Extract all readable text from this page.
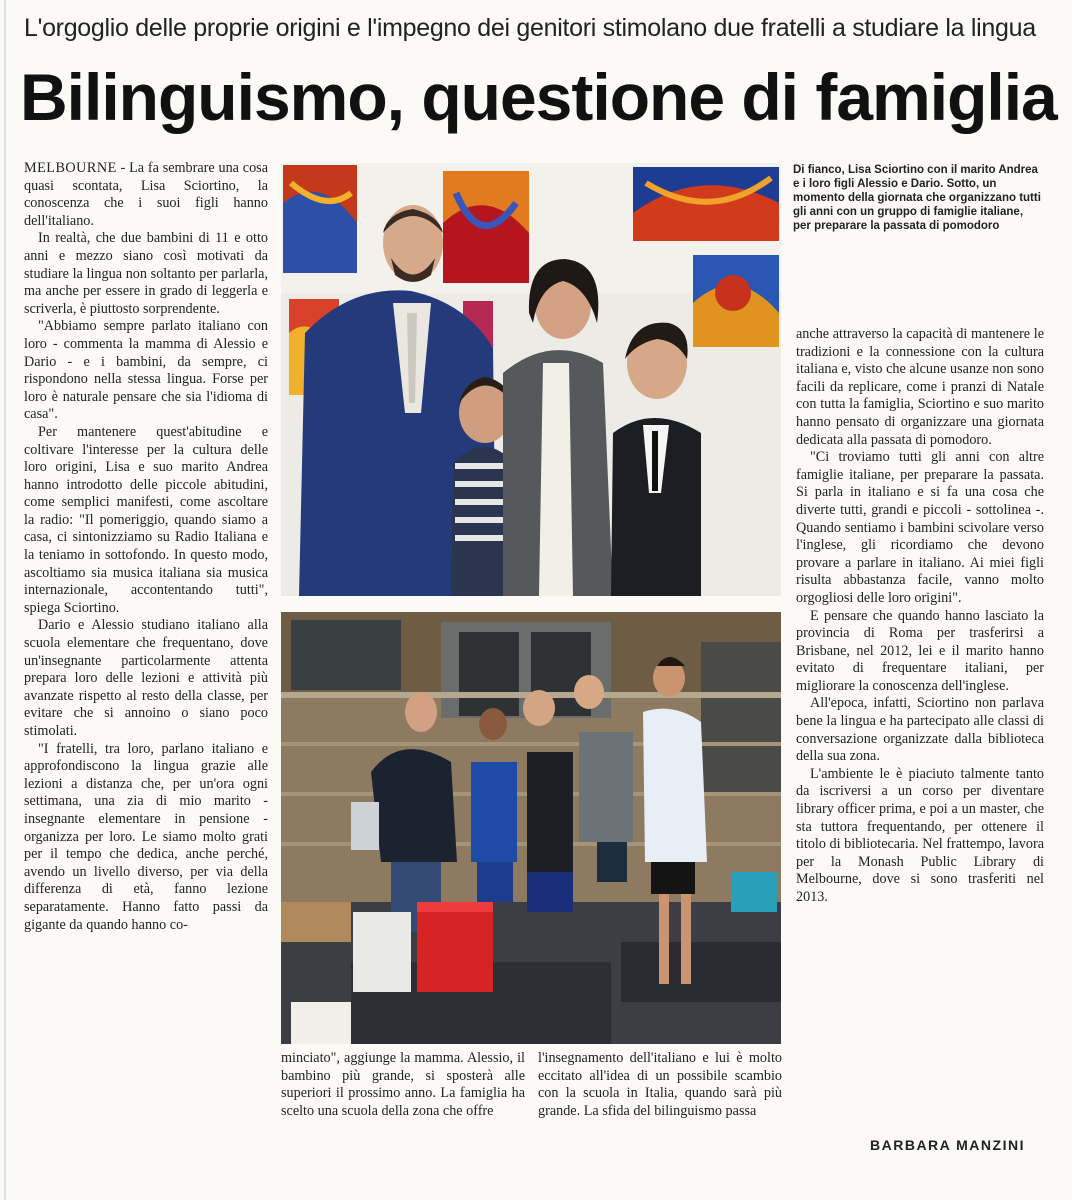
L'orgoglio delle proprie origini e l'impegno dei genitori stimolano due fratelli a studiare la lingua
Bilinguismo, questione di famiglia

MELBOURNE - La fa sembrare una cosa quasi scontata, Lisa Sciortino, la conoscenza che i suoi figli hanno dell'italiano.

In realtà, che due bambini di 11 e otto anni e mezzo siano così motivati da studiare la lingua non soltanto per parlarla, ma anche per essere in grado di leggerla e scriverla, è piuttosto sorprendente.

"Abbiamo sempre parlato italiano con loro - commenta la mamma di Alessio e Dario - e i bambini, da sempre, ci rispondono nella stessa lingua. Forse per loro è naturale pensare che sia l'idioma di casa".

Per mantenere quest'abitudine e coltivare l'interesse per la cultura delle loro origini, Lisa e suo marito Andrea hanno introdotto delle piccole abitudini, come semplici manifesti, come ascoltare la radio: "Il pomeriggio, quando siamo a casa, ci sintonizziamo su Radio Italiana e la teniamo in sottofondo. In questo modo, ascoltiamo sia musica italiana sia musica internazionale, accontentando tutti", spiega Sciortino.

Dario e Alessio studiano italiano alla scuola elementare che frequentano, dove un'insegnante particolarmente attenta prepara loro delle lezioni e attività più avanzate rispetto al resto della classe, per evitare che si annoino o siano poco stimolati.

"I fratelli, tra loro, parlano italiano e approfondiscono la lingua grazie alle lezioni a distanza che, per un'ora ogni settimana, una zia di mio marito - insegnante elementare in pensione - organizza per loro. Le siamo molto grati per il tempo che dedica, anche perché, avendo un livello diverso, per via della differenza di età, fanno lezione separatamente. Hanno fatto passi da gigante da quando hanno co-

Di fianco, Lisa Sciortino con il marito Andrea e i loro figli Alessio e Dario. Sotto, un momento della giornata che organizzano tutti gli anni con un gruppo di famiglie italiane, per preparare la passata di pomodoro

minciato", aggiunge la mamma. Alessio, il bambino più grande, si sposterà alle superiori il prossimo anno. La famiglia ha scelto una scuola della zona che offre

l'insegnamento dell'italiano e lui è molto eccitato all'idea di un possibile scambio con la scuola in Italia, quando sarà più grande. La sfida del bilinguismo passa

anche attraverso la capacità di mantenere le tradizioni e la connessione con la cultura italiana e, visto che alcune usanze non sono facili da replicare, come i pranzi di Natale con tutta la famiglia, Sciortino e suo marito hanno pensato di organizzare una giornata dedicata alla passata di pomodoro.

"Ci troviamo tutti gli anni con altre famiglie italiane, per preparare la passata. Si parla in italiano e si fa una cosa che diverte tutti, grandi e piccoli - sottolinea -. Quando sentiamo i bambini scivolare verso l'inglese, gli ricordiamo che devono provare a parlare in italiano. Ai miei figli risulta abbastanza facile, vanno molto orgogliosi delle loro origini".

E pensare che quando hanno lasciato la provincia di Roma per trasferirsi a Brisbane, nel 2012, lei e il marito hanno evitato di frequentare italiani, per migliorare la conoscenza dell'inglese.

All'epoca, infatti, Sciortino non parlava bene la lingua e ha partecipato alle classi di conversazione organizzate dalla biblioteca della sua zona.

L'ambiente le è piaciuto talmente tanto da iscriversi a un corso per diventare library officer prima, e poi a un master, che sta tuttora frequentando, per ottenere il titolo di bibliotecaria. Nel frattempo, lavora per la Monash Public Library di Melbourne, dove si sono trasferiti nel 2013.

BARBARA MANZINI
